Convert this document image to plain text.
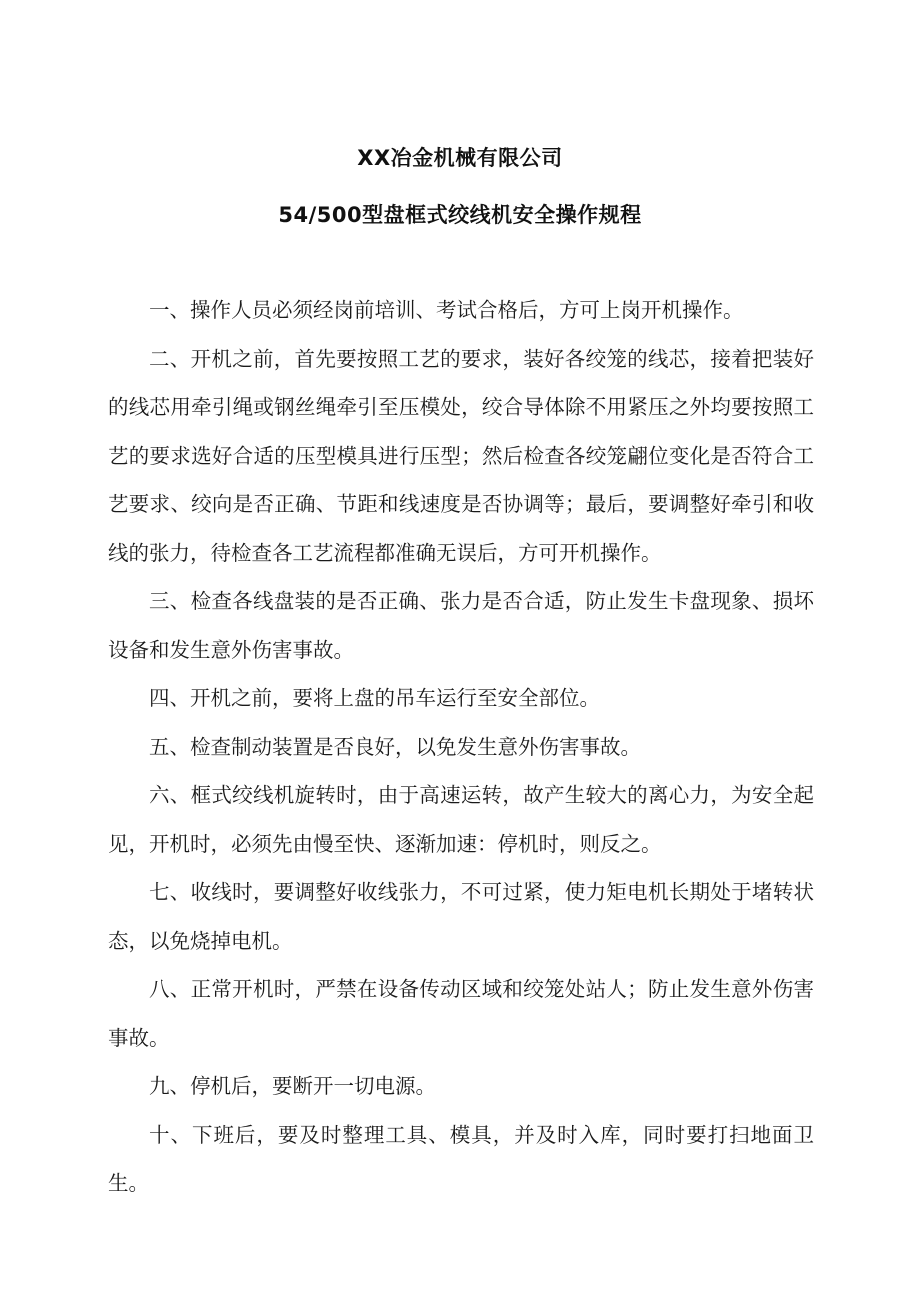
XX冶金机械有限公司
54/500型盘框式绞线机安全操作规程

一、操作人员必须经岗前培训、考试合格后，方可上岗开机操作。

二、开机之前，首先要按照工艺的要求，装好各绞笼的线芯，接着把装好的线芯用牵引绳或钢丝绳牵引至压模处，绞合导体除不用紧压之外均要按照工艺的要求选好合适的压型模具进行压型；然后检查各绞笼翩位变化是否符合工艺要求、绞向是否正确、节距和线速度是否协调等；最后，要调整好牵引和收线的张力，待检查各工艺流程都准确无误后，方可开机操作。

三、检查各线盘装的是否正确、张力是否合适，防止发生卡盘现象、损坏设备和发生意外伤害事故。

四、开机之前，要将上盘的吊车运行至安全部位。

五、检查制动装置是否良好，以免发生意外伤害事故。

六、框式绞线机旋转时，由于高速运转，故产生较大的离心力，为安全起见，开机时，必须先由慢至快、逐渐加速：停机时，则反之。

七、收线时，要调整好收线张力，不可过紧，使力矩电机长期处于堵转状态，以免烧掉电机。

八、正常开机时，严禁在设备传动区域和绞笼处站人；防止发生意外伤害事故。

九、停机后，要断开一切电源。

十、下班后，要及时整理工具、模具，并及时入库，同时要打扫地面卫生。
